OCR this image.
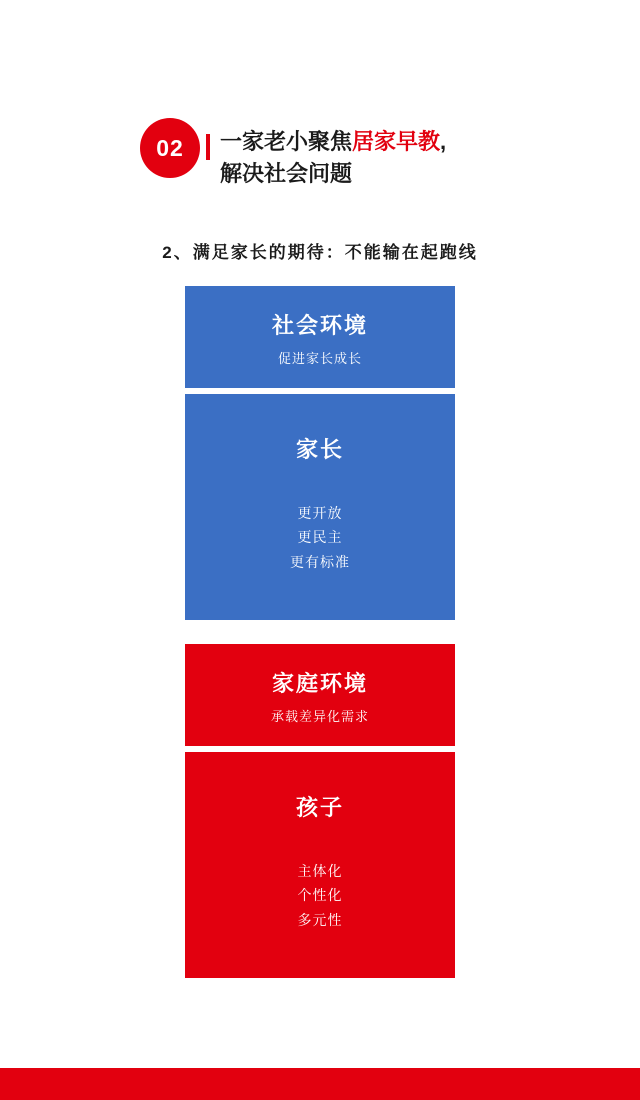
02	一家老小聚焦居家早教,
解决社会问题
2、满足家长的期待：不能输在起跑线
社会环境
促进家长成长
家长
更开放
更民主
更有标准
家庭环境
承载差异化需求
孩子
主体化
个性化
多元性
